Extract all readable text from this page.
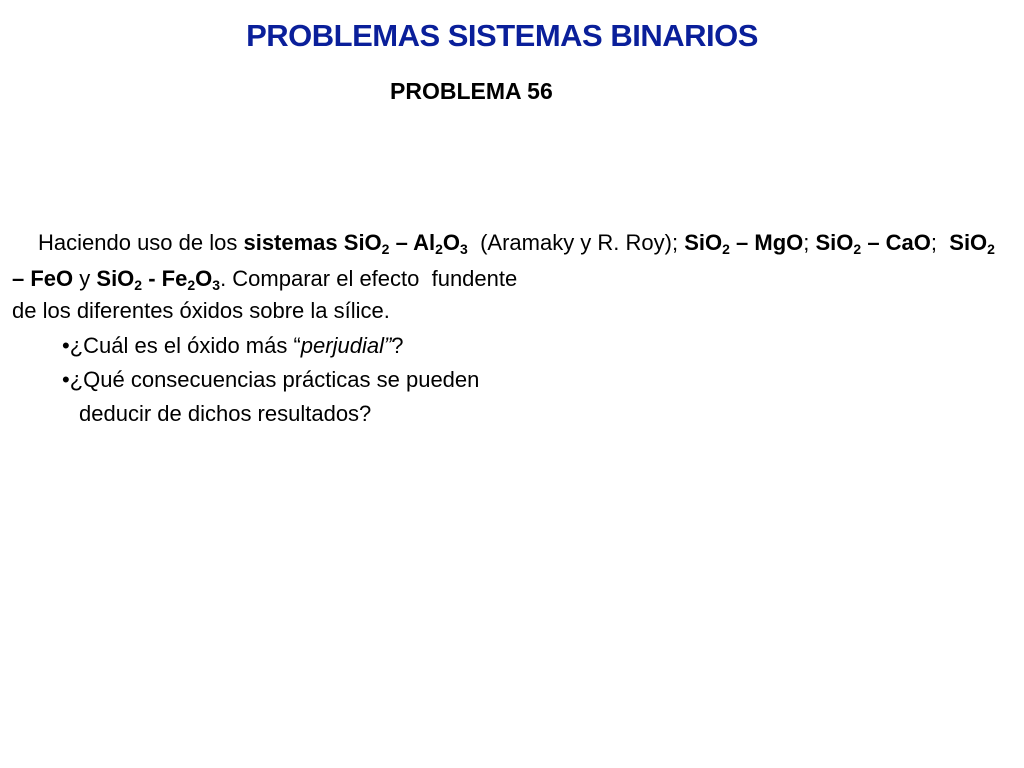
PROBLEMAS SISTEMAS BINARIOS
PROBLEMA 56

Haciendo uso de los sistemas $SiO_2 - Al_2O_3$  (Aramaky y R. Roy); SiO$_2$ – MgO; SiO$_2$ – CaO;  SiO$_2$ – FeO y $SiO_2 - Fe_2O_3$. Comparar el efecto  fundente
de los diferentes óxidos sobre la sílice.

•¿Cuál es el óxido más “perjudial”?
•¿Qué consecuencias prácticas se pueden
deducir de dichos resultados?
